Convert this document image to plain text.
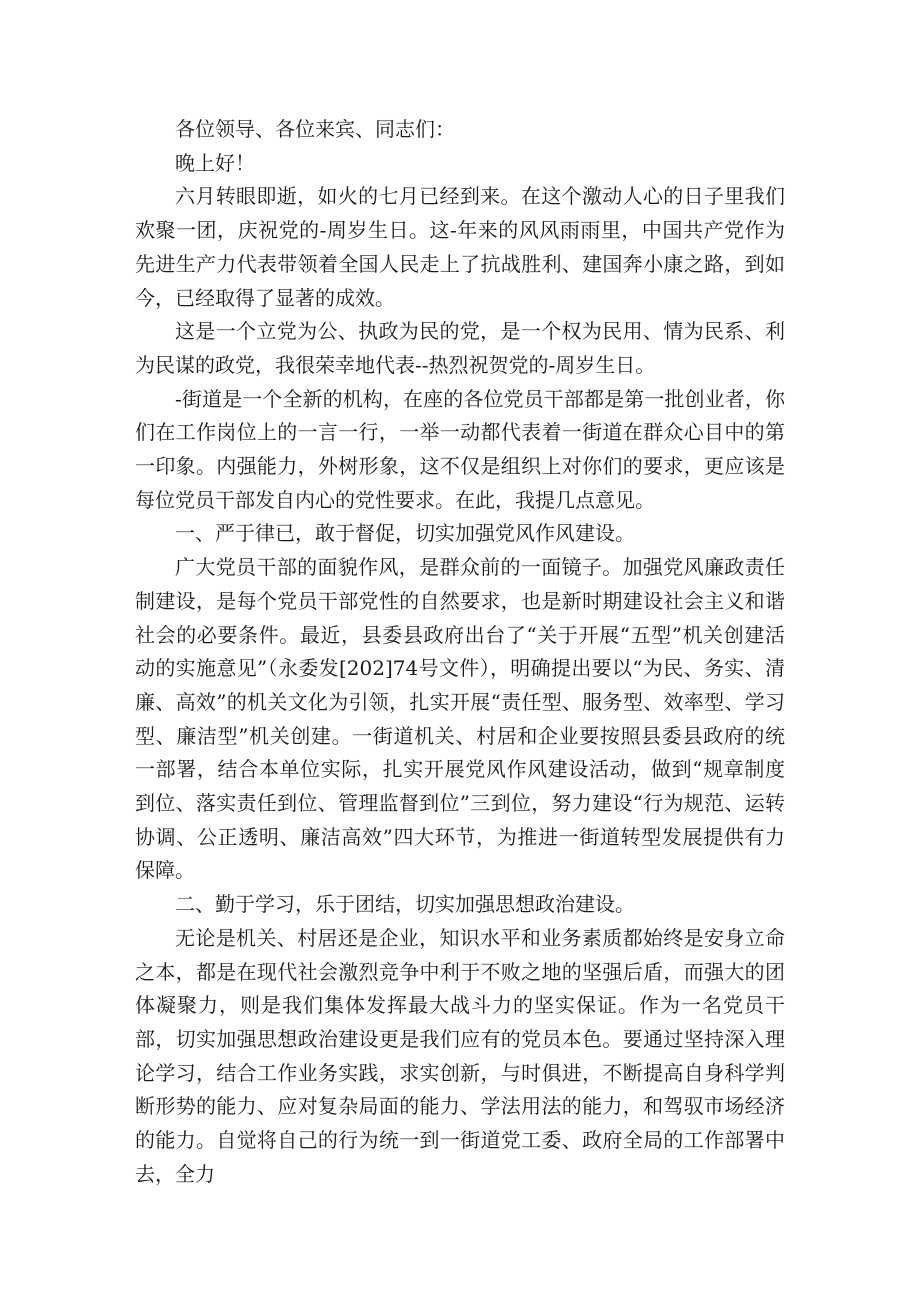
各位领导、各位来宾、同志们：

晚上好！

六月转眼即逝，如火的七月已经到来。在这个激动人心的日子里我们欢聚一团，庆祝党的-周岁生日。这-年来的风风雨雨里，中国共产党作为先进生产力代表带领着全国人民走上了抗战胜利、建国奔小康之路，到如今，已经取得了显著的成效。

这是一个立党为公、执政为民的党，是一个权为民用、情为民系、利为民谋的政党，我很荣幸地代表--热烈祝贺党的-周岁生日。

-街道是一个全新的机构，在座的各位党员干部都是第一批创业者，你们在工作岗位上的一言一行，一举一动都代表着一街道在群众心目中的第一印象。内强能力，外树形象，这不仅是组织上对你们的要求，更应该是每位党员干部发自内心的党性要求。在此，我提几点意见。

一、严于律已，敢于督促，切实加强党风作风建设。

广大党员干部的面貌作风，是群众前的一面镜子。加强党风廉政责任制建设，是每个党员干部党性的自然要求，也是新时期建设社会主义和谐社会的必要条件。最近，县委县政府出台了“关于开展“五型”机关创建活动的实施意见”（永委发[202]74号文件），明确提出要以“为民、务实、清廉、高效”的机关文化为引领，扎实开展“责任型、服务型、效率型、学习型、廉洁型”机关创建。一街道机关、村居和企业要按照县委县政府的统一部署，结合本单位实际，扎实开展党风作风建设活动，做到“规章制度到位、落实责任到位、管理监督到位”三到位，努力建设“行为规范、运转协调、公正透明、廉洁高效”四大环节，为推进一街道转型发展提供有力保障。

二、勤于学习，乐于团结，切实加强思想政治建设。

无论是机关、村居还是企业，知识水平和业务素质都始终是安身立命之本，都是在现代社会激烈竞争中利于不败之地的坚强后盾，而强大的团体凝聚力，则是我们集体发挥最大战斗力的坚实保证。作为一名党员干部，切实加强思想政治建设更是我们应有的党员本色。要通过坚持深入理论学习，结合工作业务实践，求实创新，与时俱进，不断提高自身科学判断形势的能力、应对复杂局面的能力、学法用法的能力，和驾驭市场经济的能力。自觉将自己的行为统一到一街道党工委、政府全局的工作部署中去，全力
